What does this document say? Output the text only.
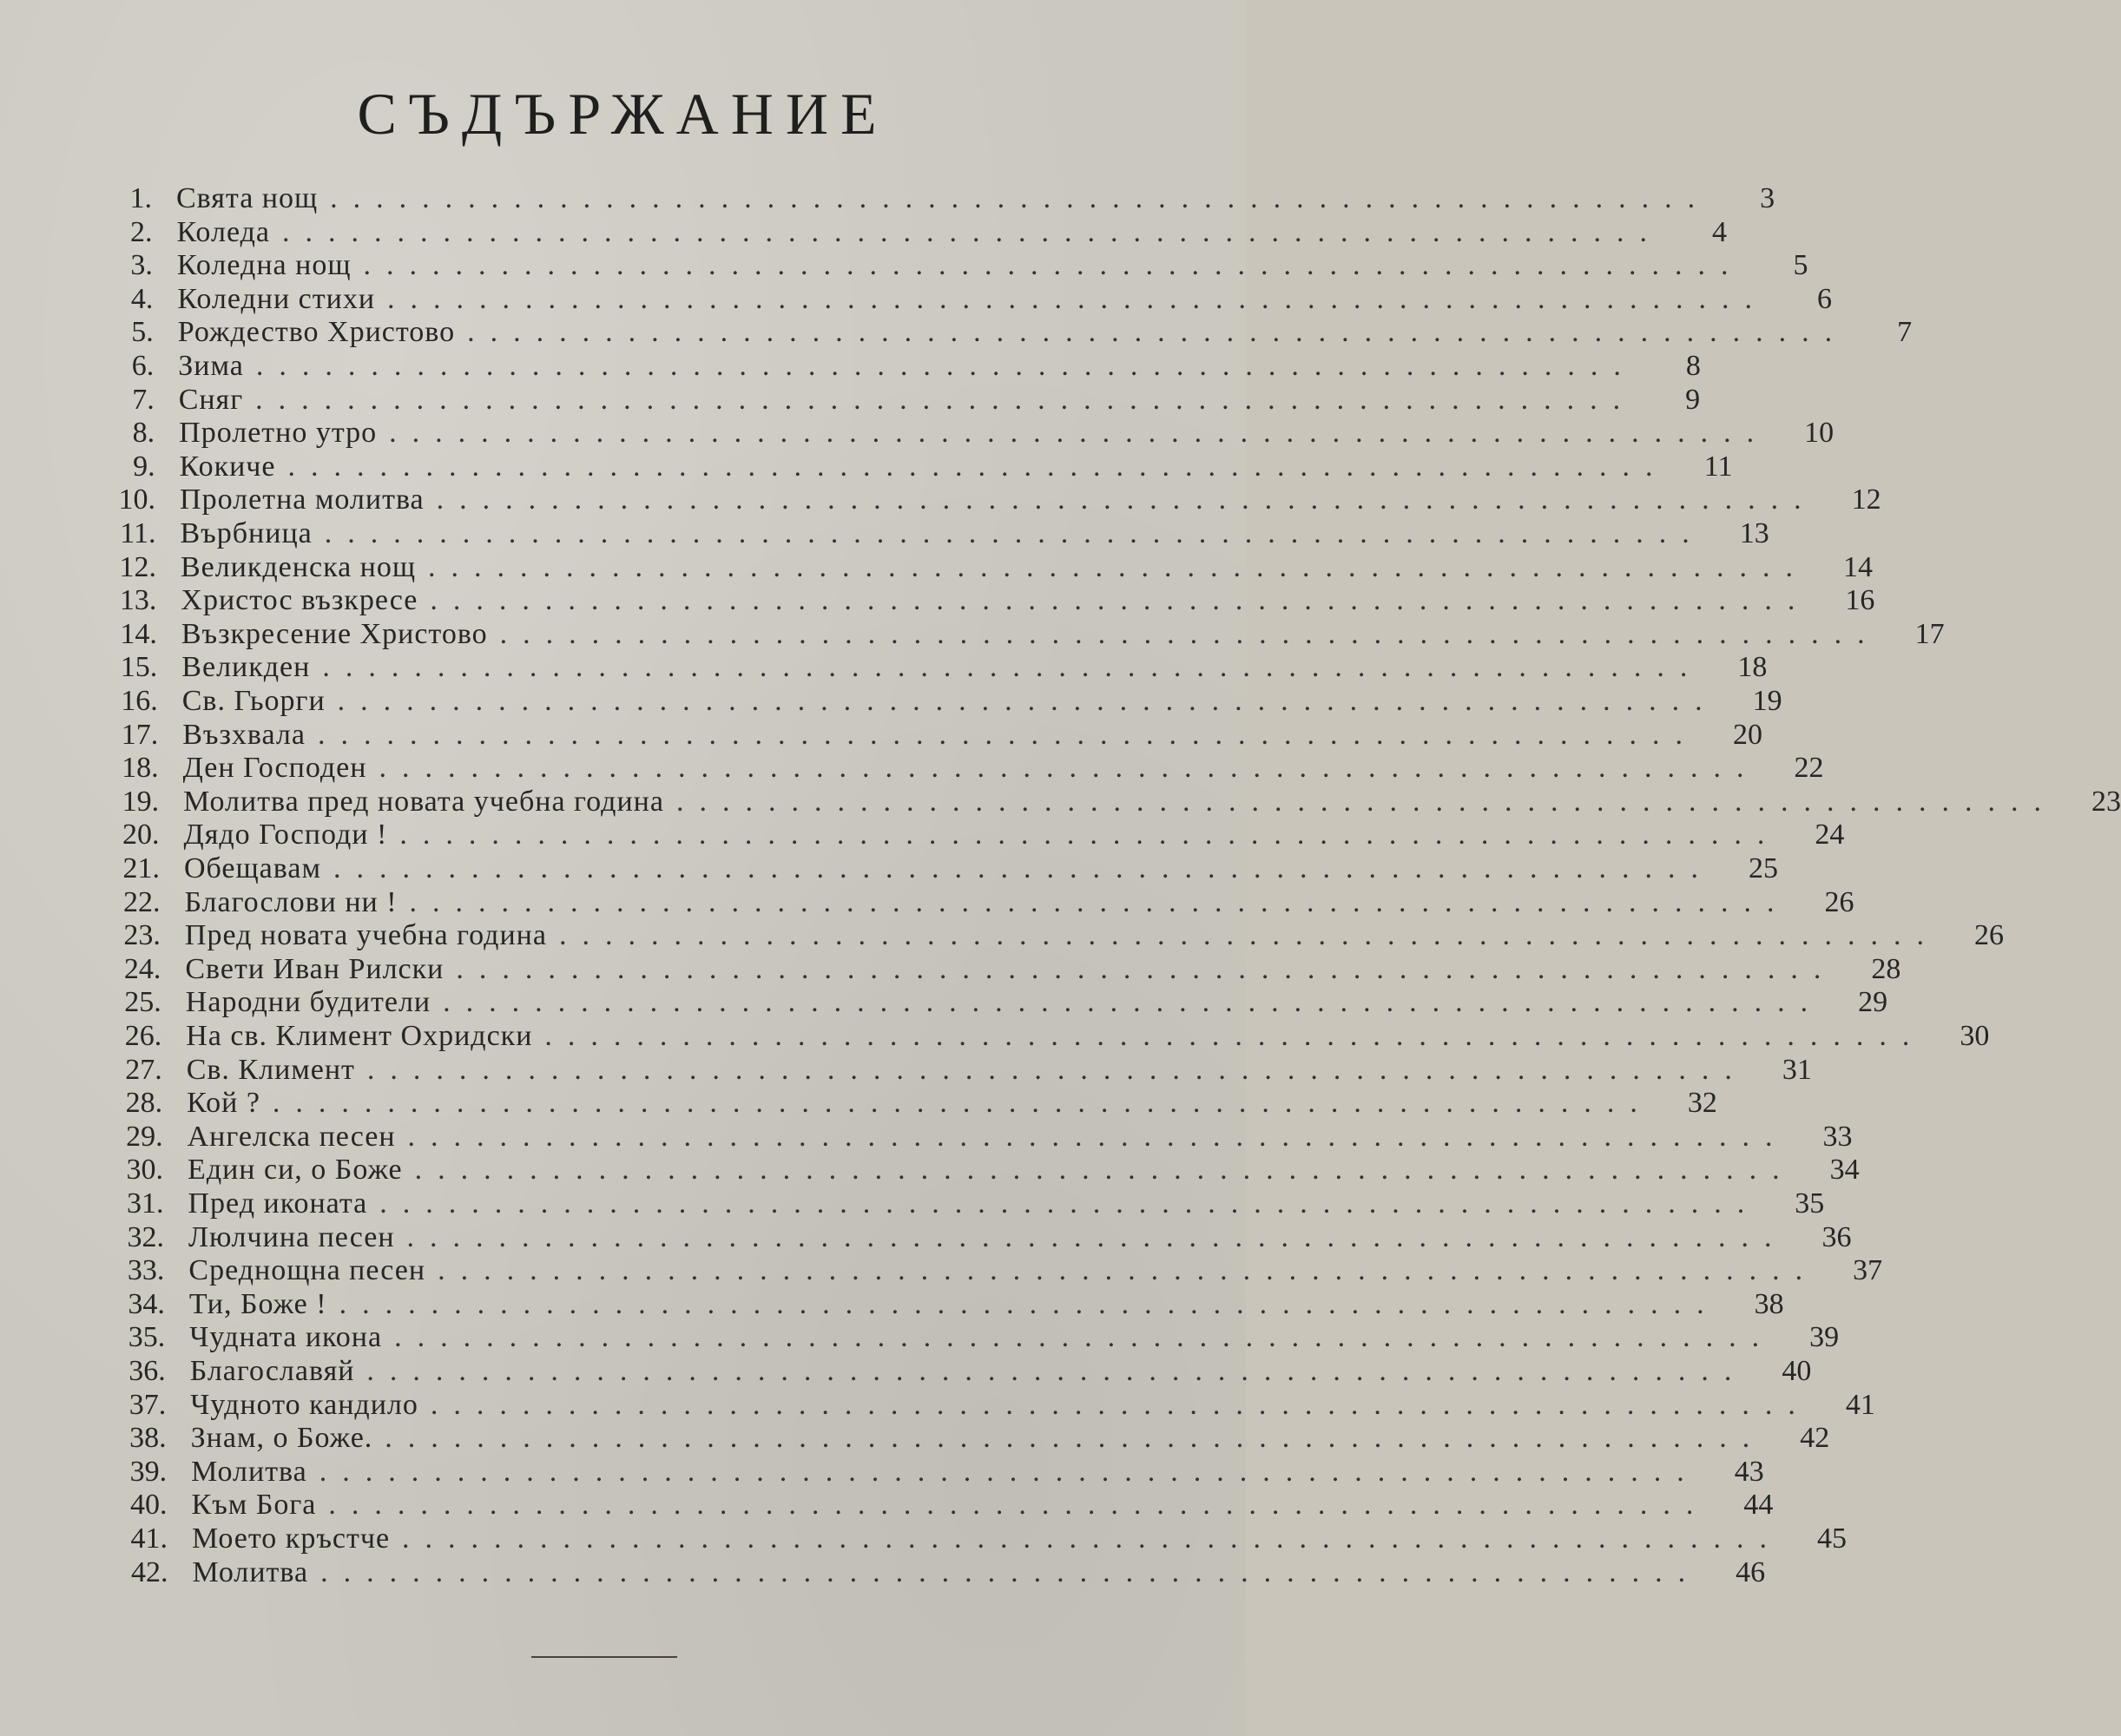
СЪДЪРЖАНИЕ
1. Свята нощ ............................................................	3
2. Коледа ............................................................	4
3. Коледна нощ ............................................................	5
4. Коледни стихи ............................................................	6
5. Рождество Христово ............................................................	7
6. Зима ............................................................	8
7. Сняг ............................................................	9
8. Пролетно утро ............................................................	10
9. Кокиче ............................................................	11
10. Пролетна молитва ............................................................	12
11. Върбница ............................................................	13
12. Великденска нощ ............................................................	14
13. Христос възкресе ............................................................	16
14. Възкресение Христово ............................................................	17
15. Великден ............................................................	18
16. Св. Гьорги ............................................................	19
17. Възхвала ............................................................	20
18. Ден Господен ............................................................	22
19. Молитва пред новата учебна година ............................................................	23
20. Дядо Господи ! ............................................................	24
21. Обещавам ............................................................	25
22. Благослови ни ! ............................................................	26
23. Пред новата учебна година ............................................................	26
24. Свети Иван Рилски ............................................................	28
25. Народни будители ............................................................	29
26. На св. Климент Охридски ............................................................	30
27. Св. Климент ............................................................	31
28. Кой ? ............................................................	32
29. Ангелска песен ............................................................	33
30. Един си, о Боже ............................................................	34
31. Пред иконата ............................................................	35
32. Люлчина песен ............................................................	36
33. Среднощна песен ............................................................	37
34. Ти, Боже ! ............................................................	38
35. Чудната икона ............................................................	39
36. Благославяй ............................................................	40
37. Чудното кандило ............................................................	41
38. Знам, о Боже. ............................................................	42
39. Молитва ............................................................	43
40. Към Бога ............................................................	44
41. Моето кръстче ............................................................	45
42. Молитва ............................................................	46
